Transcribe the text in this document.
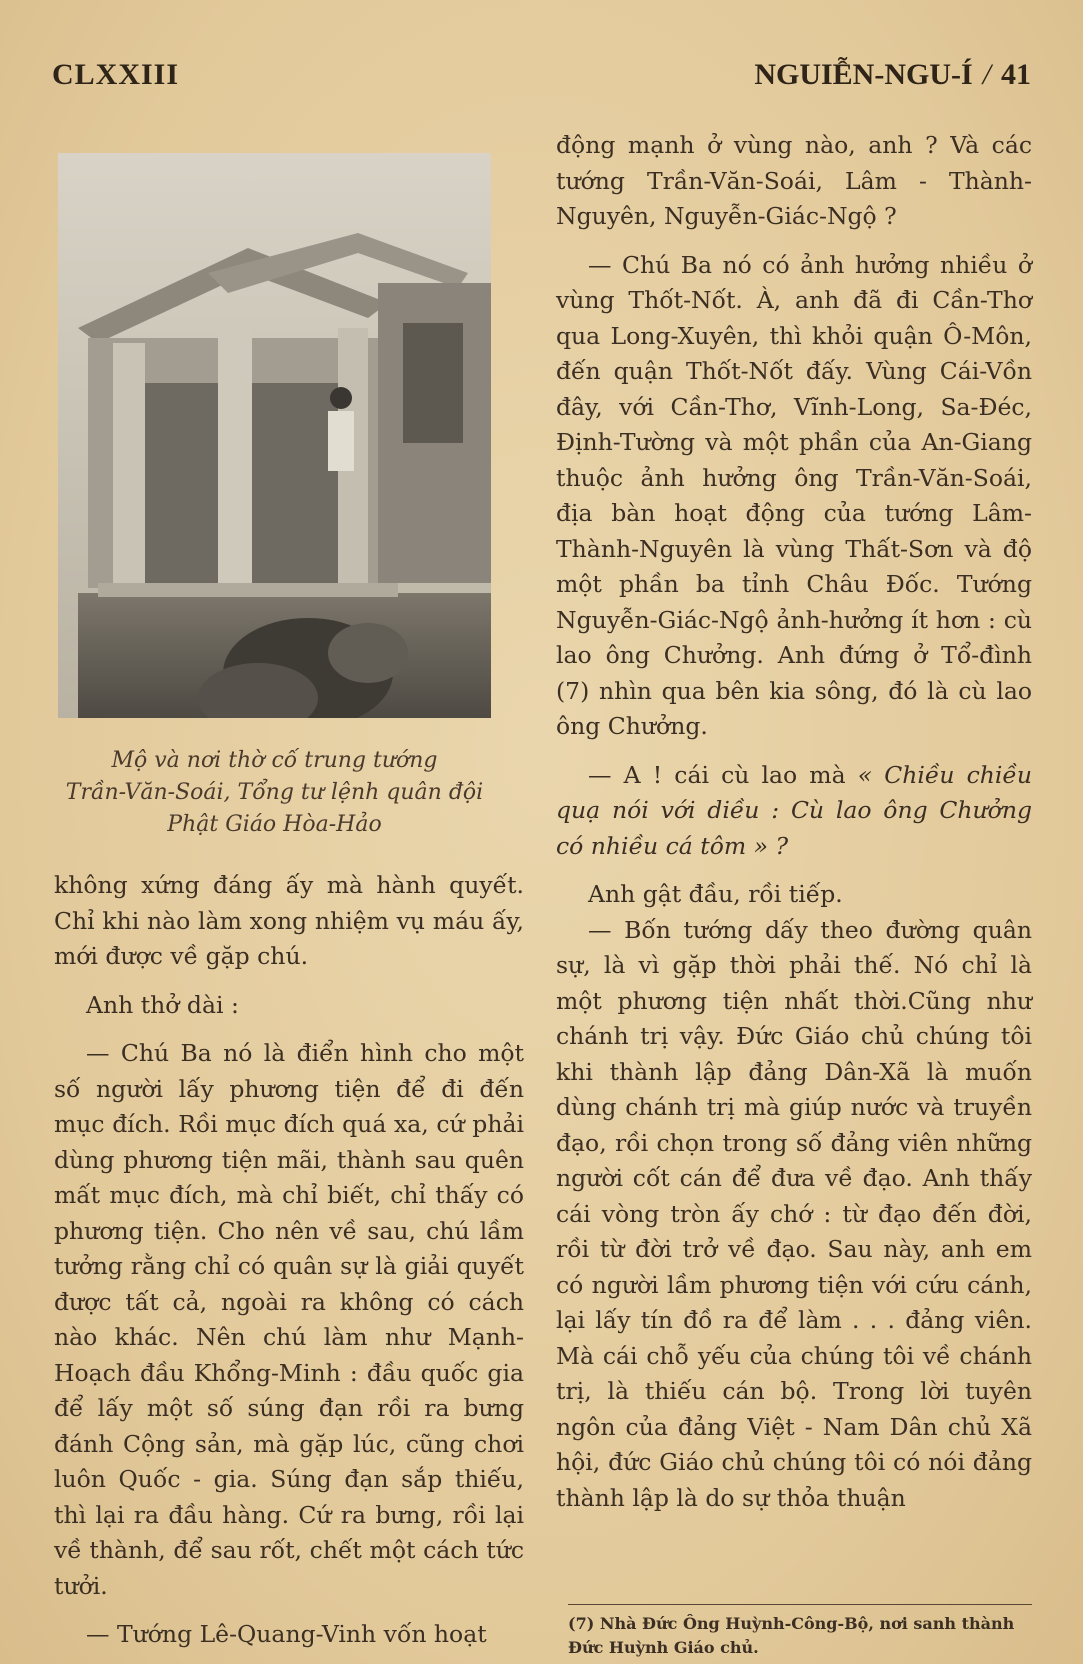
CLXXIII	NGUIỄN-NGU-Í / 41
Mộ và nơi thờ cố trung tướng
Trần-Văn-Soái, Tổng tư lệnh quân đội
Phật Giáo Hòa-Hảo

không xứng đáng ấy mà hành quyết. Chỉ khi nào làm xong nhiệm vụ máu ấy, mới được về gặp chú.

Anh thở dài :

— Chú Ba nó là điển hình cho một số người lấy phương tiện để đi đến mục đích. Rồi mục đích quá xa, cứ phải dùng phương tiện mãi, thành sau quên mất mục đích, mà chỉ biết, chỉ thấy có phương tiện. Cho nên về sau, chú lầm tưởng rằng chỉ có quân sự là giải quyết được tất cả, ngoài ra không có cách nào khác. Nên chú làm như Mạnh-Hoạch đầu Khổng-Minh : đầu quốc gia để lấy một số súng đạn rồi ra bưng đánh Cộng sản, mà gặp lúc, cũng chơi luôn Quốc - gia. Súng đạn sắp thiếu, thì lại ra đầu hàng. Cứ ra bưng, rồi lại về thành, để sau rốt, chết một cách tức tưởi.

— Tướng Lê-Quang-Vinh vốn hoạt

động mạnh ở vùng nào, anh ? Và các tướng Trần-Văn-Soái, Lâm - Thành-Nguyên, Nguyễn-Giác-Ngộ ?

— Chú Ba nó có ảnh hưởng nhiều ở vùng Thốt-Nốt. À, anh đã đi Cần-Thơ qua Long-Xuyên, thì khỏi quận Ô-Môn, đến quận Thốt-Nốt đấy. Vùng Cái-Vồn đây, với Cần-Thơ, Vĩnh-Long, Sa-Đéc, Định-Tường và một phần của An-Giang thuộc ảnh hưởng ông Trần-Văn-Soái, địa bàn hoạt động của tướng Lâm-Thành-Nguyên là vùng Thất-Sơn và độ một phần ba tỉnh Châu Đốc. Tướng Nguyễn-Giác-Ngộ ảnh-hưởng ít hơn : cù lao ông Chưởng. Anh đứng ở Tổ-đình (7) nhìn qua bên kia sông, đó là cù lao ông Chưởng.

— A ! cái cù lao mà « Chiều chiều quạ nói với diều : Cù lao ông Chưởng có nhiều cá tôm » ?

Anh gật đầu, rồi tiếp.

— Bốn tướng dấy theo đường quân sự, là vì gặp thời phải thế. Nó chỉ là một phương tiện nhất thời.Cũng như chánh trị vậy. Đức Giáo chủ chúng tôi khi thành lập đảng Dân-Xã là muốn dùng chánh trị mà giúp nước và truyền đạo, rồi chọn trong số đảng viên những người cốt cán để đưa về đạo. Anh thấy cái vòng tròn ấy chớ : từ đạo đến đời, rồi từ đời trở về đạo. Sau này, anh em có người lầm phương tiện với cứu cánh, lại lấy tín đồ ra để làm . . . đảng viên. Mà cái chỗ yếu của chúng tôi về chánh trị, là thiếu cán bộ. Trong lời tuyên ngôn của đảng Việt - Nam Dân chủ Xã hội, đức Giáo chủ chúng tôi có nói đảng thành lập là do sự thỏa thuận

(7) Nhà Đức Ông Huỳnh-Công-Bộ, nơi sanh thành Đức Huỳnh Giáo chủ.
